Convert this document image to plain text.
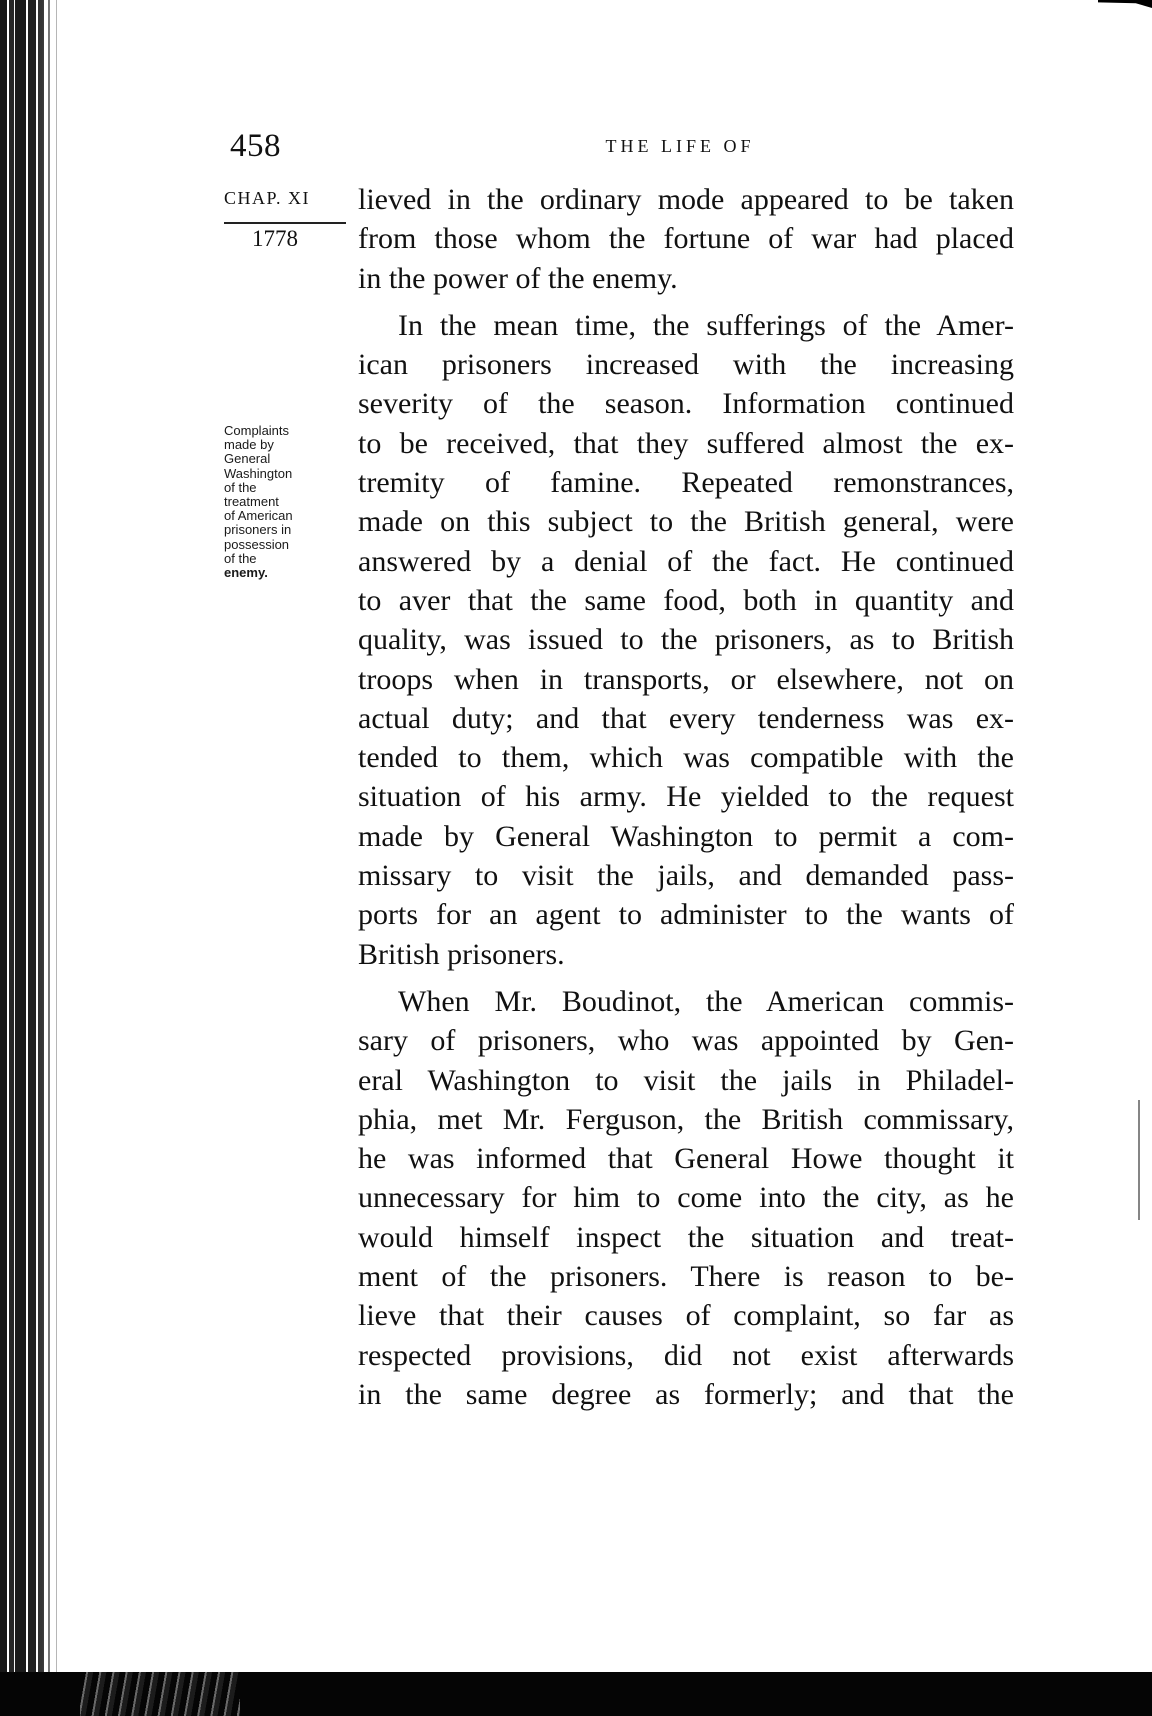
458	THE LIFE OF
CHAP. XI
1778
Complaints
made by
General
Washington
of the
treatment
of American
prisoners in
possession
of the
enemy.
lieved in the ordinary mode appeared to be taken
from those whom the fortune of war had placed
in the power of the enemy.
In the mean time, the sufferings of the Amer-
ican prisoners increased with the increasing
severity of the season. Information continued
to be received, that they suffered almost the ex-
tremity of famine. Repeated remonstrances,
made on this subject to the British general, were
answered by a denial of the fact. He continued
to aver that the same food, both in quantity and
quality, was issued to the prisoners, as to British
troops when in transports, or elsewhere, not on
actual duty; and that every tenderness was ex-
tended to them, which was compatible with the
situation of his army. He yielded to the request
made by General Washington to permit a com-
missary to visit the jails, and demanded pass-
ports for an agent to administer to the wants of
British prisoners.
When Mr. Boudinot, the American commis-
sary of prisoners, who was appointed by Gen-
eral Washington to visit the jails in Philadel-
phia, met Mr. Ferguson, the British commissary,
he was informed that General Howe thought it
unnecessary for him to come into the city, as he
would himself inspect the situation and treat-
ment of the prisoners. There is reason to be-
lieve that their causes of complaint, so far as
respected provisions, did not exist afterwards
in the same degree as formerly; and that the
